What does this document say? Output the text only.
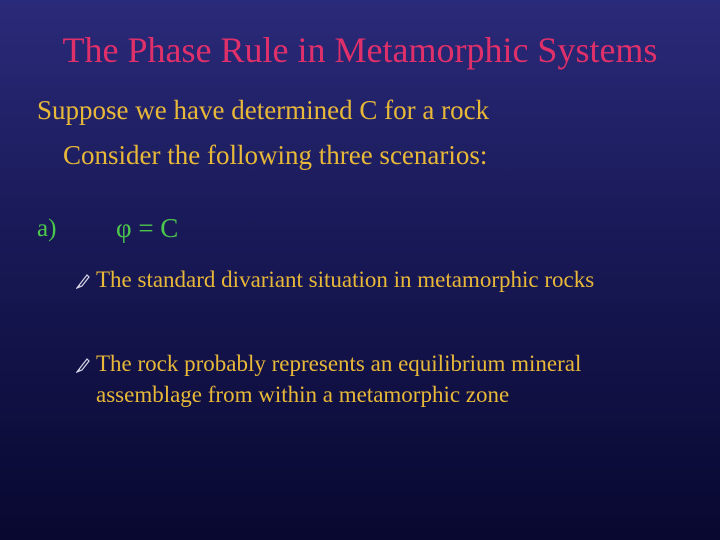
The Phase Rule in Metamorphic Systems
Suppose we have determined C for a rock
Consider the following three scenarios:
a) φ = C
The standard divariant situation in metamorphic rocks
The rock probably represents an equilibrium mineral assemblage from within a metamorphic zone
